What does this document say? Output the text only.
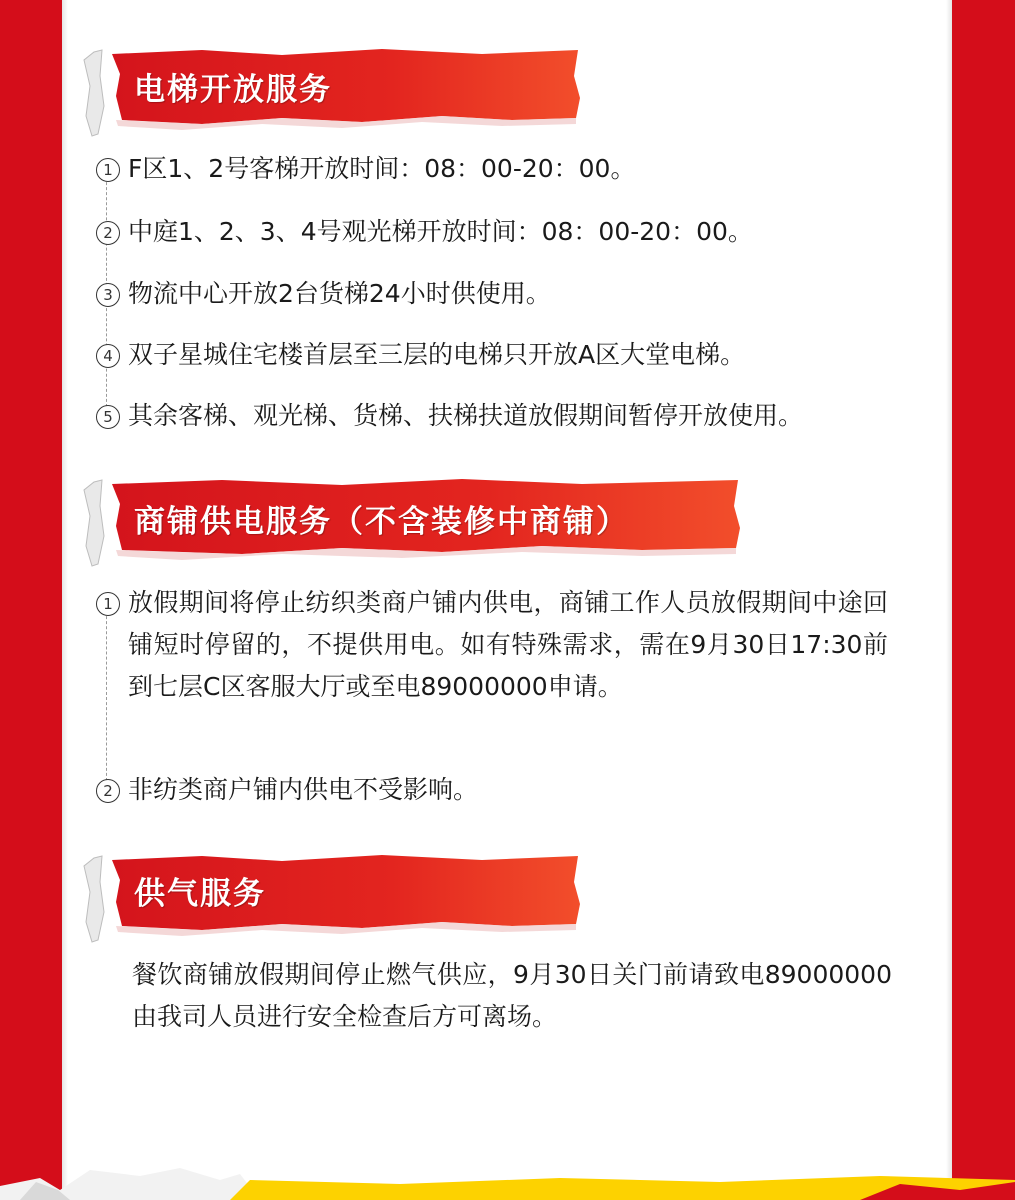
电梯开放服务
1 F区1、2号客梯开放时间：08：00-20：00。
2 中庭1、2、3、4号观光梯开放时间：08：00-20：00。
3 物流中心开放2台货梯24小时供使用。
4 双子星城住宅楼首层至三层的电梯只开放A区大堂电梯。
5 其余客梯、观光梯、货梯、扶梯扶道放假期间暂停开放使用。
商铺供电服务（不含装修中商铺）
1 放假期间将停止纺织类商户铺内供电，商铺工作人员放假期间中途回铺短时停留的，不提供用电。如有特殊需求，需在9月30日17:30前到七层C区客服大厅或至电89000000申请。
2 非纺类商户铺内供电不受影响。
供气服务
餐饮商铺放假期间停止燃气供应，9月30日关门前请致电89000000由我司人员进行安全检查后方可离场。
